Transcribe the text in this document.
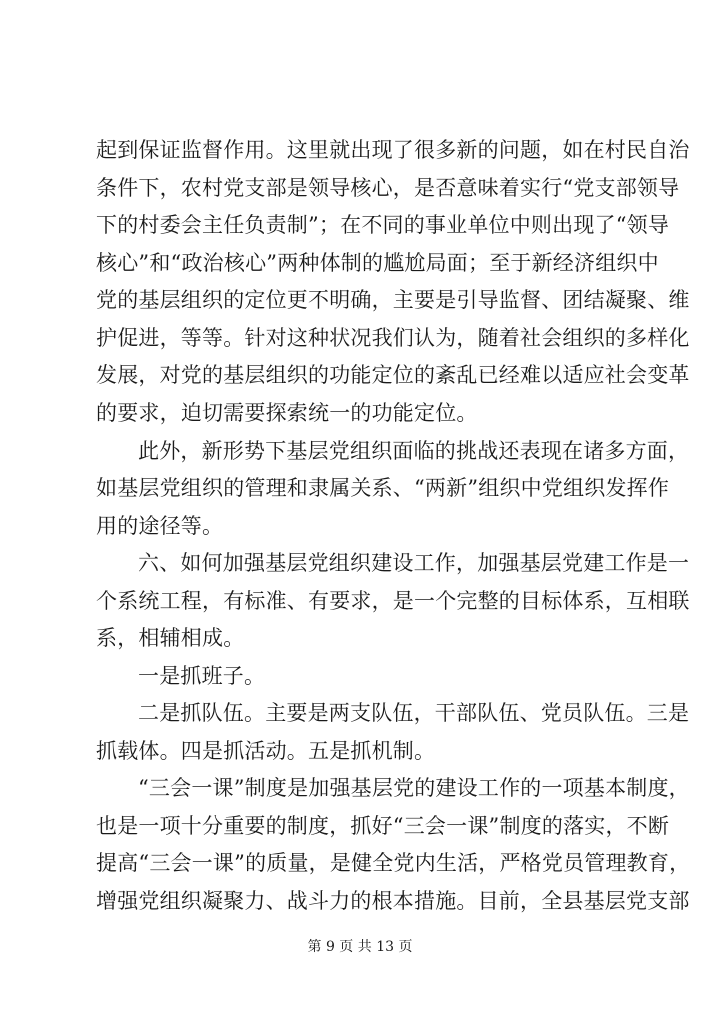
起到保证监督作用。这里就出现了很多新的问题，如在村民自治
条件下，农村党支部是领导核心，是否意味着实行“党支部领导
下的村委会主任负责制”；在不同的事业单位中则出现了“领导
核心”和“政治核心”两种体制的尴尬局面；至于新经济组织中
党的基层组织的定位更不明确，主要是引导监督、团结凝聚、维
护促进，等等。针对这种状况我们认为，随着社会组织的多样化
发展，对党的基层组织的功能定位的紊乱已经难以适应社会变革
的要求，迫切需要探索统一的功能定位。
此外，新形势下基层党组织面临的挑战还表现在诸多方面，
如基层党组织的管理和隶属关系、“两新”组织中党组织发挥作
用的途径等。
六、如何加强基层党组织建设工作，加强基层党建工作是一
个系统工程，有标准、有要求，是一个完整的目标体系，互相联
系，相辅相成。
一是抓班子。
二是抓队伍。主要是两支队伍，干部队伍、党员队伍。三是
抓载体。四是抓活动。五是抓机制。
“三会一课”制度是加强基层党的建设工作的一项基本制度，
也是一项十分重要的制度，抓好“三会一课”制度的落实，不断
提高“三会一课”的质量，是健全党内生活，严格党员管理教育，
增强党组织凝聚力、战斗力的根本措施。目前，全县基层党支部
第 9 页 共 13 页
